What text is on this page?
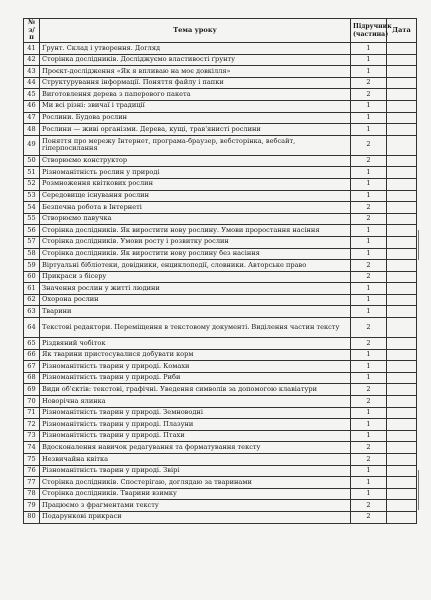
№ з/п	Тема уроку	Підручник (частина)	Дата
41	Ґрунт. Склад і утворення. Догляд	1	
42	Сторінка дослідників. Досліджуємо властивості ґрунту	1	
43	Проєкт-дослідження «Як я впливаю на моє довкілля»	1	
44	Структурування інформації. Поняття файлу і папки	2	
45	Виготовлення дерева з паперового пакета	2	
46	Ми всі різні: звичаї і традиції	1	
47	Рослини. Будова рослин	1	
48	Рослини — живі організми. Дерева, кущі, трав'янисті рослини	1	
49	Поняття про мережу Інтернет, програма-браузер, вебсторінка, вебсайт, гіперпосилання	2	
50	Створюємо конструктор	2	
51	Різноманітність рослин у природі	1	
52	Розмноження квіткових рослин	1	
53	Середовище існування рослин	1	
54	Безпечна робота в Інтернеті	2	
55	Створюємо павучка	2	
56	Сторінка дослідників. Як виростити нову рослину. Умови проростання насіння	1	
57	Сторінка дослідників. Умови росту і розвитку рослин	1	
58	Сторінка дослідників. Як виростити нову рослину без насіння	1	
59	Віртуальні бібліотеки, довідники, енциклопедії, словники. Авторське право	2	
60	Прикраси з бісеру	2	
61	Значення рослин у житті людини	1	
62	Охорона рослин	1	
63	Тварини	1	
64	Текстові редактори. Переміщення в текстовому документі. Виділення частин тексту	2	
65	Різдвяний чобіток	2	
66	Як тварини пристосувалися добувати корм	1	
67	Різноманітність тварин у природі. Комахи	1	
68	Різноманітність тварин у природі. Риби	1	
69	Види об'єктів: текстові, графічні. Уведення символів за допомогою клавіатури	2	
70	Новорічна ялинка	2	
71	Різноманітність тварин у природі. Земноводні	1	
72	Різноманітність тварин у природі. Плазуни	1	
73	Різноманітність тварин у природі. Птахи	1	
74	Вдосконалення навичок редагування та форматування тексту	2	
75	Незвичайна квітка	2	
76	Різноманітність тварин у природі. Звірі	1	
77	Сторінка дослідників. Спостерігаю, доглядаю за тваринами	1	
78	Сторінка дослідників. Тварини взимку	1	
79	Працюємо з фрагментами тексту	2	
80	Подарункові прикраси	2	
